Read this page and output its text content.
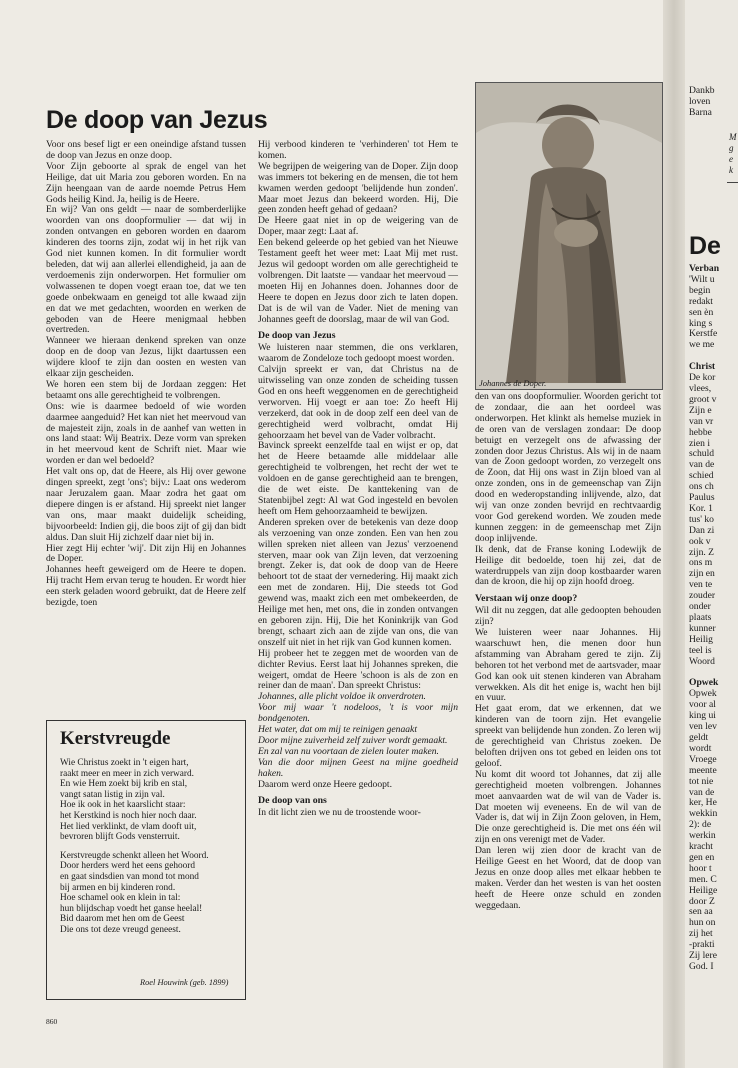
De doop van Jezus

Voor ons besef ligt er een oneindige afstand tussen de doop van Jezus en onze doop.

Voor Zijn geboorte al sprak de engel van het Heilige, dat uit Maria zou geboren worden. En na Zijn heengaan van de aarde noemde Petrus Hem Gods heilig Kind. Ja, heilig is de Heere.

En wij? Van ons geldt — naar de somberderlijke woorden van ons doopformulier — dat wij in zonden ontvangen en geboren worden en daarom kinderen des toorns zijn, zodat wij in het rijk van God niet kunnen komen. In dit formulier wordt beleden, dat wij aan allerlei ellendigheid, ja aan de verdoemenis zijn onderworpen. Het formulier om volwassenen te dopen voegt eraan toe, dat we ten goede onbekwaam en geneigd tot alle kwaad zijn en dat we met gedachten, woorden en werken de geboden van de Heere menigmaal hebben overtreden.

Wanneer we hieraan denkend spreken van onze doop en de doop van Jezus, lijkt daartussen een wijdere kloof te zijn dan oosten en westen van elkaar zijn gescheiden.

We horen een stem bij de Jordaan zeggen: Het betaamt ons alle gerechtigheid te volbrengen.

Ons: wie is daarmee bedoeld of wie worden daarmee aangeduid? Het kan niet het meervoud van de majesteit zijn, zoals in de aanhef van wetten in ons land staat: Wij Beatrix. Deze vorm van spreken in het meervoud kent de Schrift niet. Maar wie worden er dan wel bedoeld?

Het valt ons op, dat de Heere, als Hij over gewone dingen spreekt, zegt 'ons'; bijv.: Laat ons wederom naar Jeruzalem gaan. Maar zodra het gaat om diepere dingen is er afstand. Hij spreekt niet langer van ons, maar maakt duidelijk scheiding, bijvoorbeeld: Indien gij, die boos zijt of gij dan bidt aldus. Dan sluit Hij zichzelf daar niet bij in.

Hier zegt Hij echter 'wij'. Dit zijn Hij en Johannes de Doper.

Johannes heeft geweigerd om de Heere te dopen. Hij tracht Hem ervan terug te houden. Er wordt hier een sterk geladen woord gebruikt, dat de Heere zelf bezigde, toen

Hij verbood kinderen te 'verhinderen' tot Hem te komen.

We begrijpen de weigering van de Doper. Zijn doop was immers tot bekering en de mensen, die tot hem kwamen werden gedoopt 'belijdende hun zonden'. Maar moet Jezus dan bekeerd worden. Hij, Die geen zonden heeft gehad of gedaan?

De Heere gaat niet in op de weigering van de Doper, maar zegt: Laat af.

Een bekend geleerde op het gebied van het Nieuwe Testament geeft het weer met: Laat Mij met rust. Jezus wil gedoopt worden om alle gerechtigheid te volbrengen. Dit laatste — vandaar het meervoud — moeten Hij en Johannes doen. Johannes door de Heere te dopen en Jezus door zich te laten dopen. Dat is de wil van de Vader. Niet de mening van Johannes geeft de doorslag, maar de wil van God.

De doop van Jezus

We luisteren naar stemmen, die ons verklaren, waarom de Zondeloze toch gedoopt moest worden.

Calvijn spreekt er van, dat Christus na de uitwisseling van onze zonden de scheiding tussen God en ons heeft weggenomen en de gerechtigheid verworven. Hij voegt er aan toe: Zo heeft Hij verzekerd, dat ook in de doop zelf een deel van de gerechtigheid werd volbracht, omdat Hij gehoorzaam het bevel van de Vader volbracht.

Bavinck spreekt eenzelfde taal en wijst er op, dat het de Heere betaamde alle middelaar alle gerechtigheid te volbrengen, het recht der wet te voldoen en de ganse gerechtigheid aan te brengen, die de wet eiste. De kanttekening van de Statenbijbel zegt: Al wat God ingesteld en bevolen heeft om Hem gehoorzaamheid te bewijzen.

Anderen spreken over de betekenis van deze doop als verzoening van onze zonden. Een van hen zou willen spreken niet alleen van Jezus' verzoenend sterven, maar ook van Zijn leven, dat verzoening brengt. Zeker is, dat ook de doop van de Heere behoort tot de staat der vernedering. Hij maakt zich een met de zondaren. Hij, Die steeds tot God gewend was, maakt zich een met ombekeerden, de Heilige met hen, met ons, die in zonden ontvangen en geboren zijn. Hij, Die het Koninkrijk van God brengt, schaart zich aan de zijde van ons, die van onszelf uit niet in het rijk van God kunnen komen.

Hij probeer het te zeggen met de woorden van de dichter Revius. Eerst laat hij Johannes spreken, die weigert, omdat de Heere 'schoon is als de zon en reiner dan de maan'. Dan spreekt Christus:

Johannes, alle plicht voldoe ik onverdroten.

Voor mij waar 't nodeloos, 't is voor mijn bondgenoten.

Het water, dat om mij te reinigen genaakt

Door mijne zuiverheid zelf zuiver wordt gemaakt.

En zal van nu voortaan de zielen louter maken.

Van die door mijnen Geest na mijne goedheid haken.

Daarom werd onze Heere gedoopt.

De doop van ons

In dit licht zien we nu de troostende woor-

Johannes de Doper.

den van ons doopformulier. Woorden gericht tot de zondaar, die aan het oordeel was onderworpen. Het klinkt als hemelse muziek in de oren van de verslagen zondaar: De doop betuigt en verzegelt ons de afwassing der zonden door Jezus Christus. Als wij in de naam van de Zoon gedoopt worden, zo verzegelt ons de Zoon, dat Hij ons wast in Zijn bloed van al onze zonden, ons in de gemeenschap van Zijn dood en wederopstanding inlijvende, alzo, dat wij van onze zonden bevrijd en rechtvaardig voor God gerekend worden. We zouden mede kunnen zeggen: in de gemeenschap met Zijn doop inlijvende.

Ik denk, dat de Franse koning Lodewijk de Heilige dit bedoelde, toen hij zei, dat de waterdruppels van zijn doop kostbaarder waren dan de kroon, die hij op zijn hoofd droeg.

Verstaan wij onze doop?

Wil dit nu zeggen, dat alle gedoopten behouden zijn?

We luisteren weer naar Johannes. Hij waarschuwt hen, die menen door hun afstamming van Abraham gered te zijn. Zij behoren tot het verbond met de aartsvader, maar God kan ook uit stenen kinderen van Abraham verwekken. Als dit het enige is, wacht hen bijl en vuur.

Het gaat erom, dat we erkennen, dat we kinderen van de toorn zijn. Het evangelie spreekt van belijdende hun zonden. Zo leren wij de gerechtigheid van Christus zoeken. De beloften drijven ons tot gebed en leiden ons tot geloof.

Nu komt dit woord tot Johannes, dat zij alle gerechtigheid moeten volbrengen. Johannes moet aanvaarden wat de wil van de Vader is. Dat moeten wij eveneens. En de wil van de Vader is, dat wij in Zijn Zoon geloven, in Hem, Die onze gerechtigheid is. Die met ons één wil zijn en ons verenigt met de Vader.

Dan leren wij zien door de kracht van de Heilige Geest en het Woord, dat de doop van Jezus en onze doop alles met elkaar hebben te maken. Verder dan het westen is van het oosten heeft de Heere onze schuld en zonden weggedaan.

Kerstvreugde

Wie Christus zoekt in 't eigen hart,
raakt meer en meer in zich verward.
En wie Hem zoekt bij krib en stal,
vangt satan listig in zijn val.
Hoe ik ook in het kaarslicht staar:
het Kerstkind is noch hier noch daar.
Het lied verklinkt, de vlam dooft uit,
bevroren blijft Gods vensterruit.

Kerstvreugde schenkt alleen het Woord.
Door herders werd het eens gehoord
en gaat sindsdien van mond tot mond
bij armen en bij kinderen rond.
Hoe schamel ook en klein in tal:
hun blijdschap voedt het ganse heelal!
Bid daarom met hen om de Geest
Die ons tot deze vreugd geneest.

Roel Houwink (geb. 1899)
860
Dankb
loven
Barna
M
g
e
k
De
Verban
'Wilt u
begin
redakt
sen èn
king s
Kerstfe
we me

Christ
De kor
vlees,
groot v
Zijn e
van vr
hebbe
zien i
schuld
van de
schied
ons ch
Paulus
Kor. 1
tus' ko
Dan zi
ook v
zijn. Z
ons m
zijn en
ven te
zouder
onder
plaats
kunner
Heilig
teel is
Woord

Opwek
Opwek
voor al
king ui
ven lev
geldt
wordt
Vroege
meente
tot nie
van de
ker, He
wekkin
2): de
werkin
kracht
gen en
hoor t
men. C
Heilige
door Z
sen aa
hun on
zij het
-prakti
Zij lere
God. I
